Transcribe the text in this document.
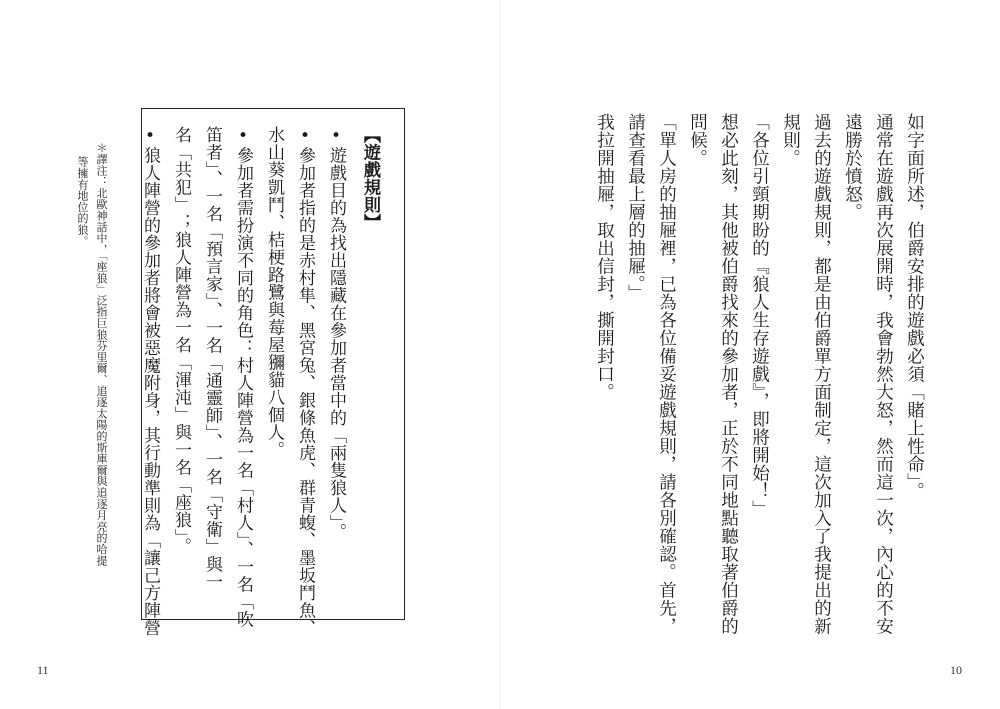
如字面所述，伯爵安排的遊戲必須「賭上性命」。
通常在遊戲再次展開時，我會勃然大怒，然而這一次，內心的不安
遠勝於憤怒。
過去的遊戲規則，都是由伯爵單方面制定，這次加入了我提出的新
規則。
「各位引頸期盼的『狼人生存遊戲』，即將開始！」
想必此刻，其他被伯爵找來的參加者，正於不同地點聽取著伯爵的
問候。
「單人房的抽屜裡，已為各位備妥遊戲規則，請各別確認。首先，
請查看最上層的抽屜。」
我拉開抽屜，取出信封，撕開封口。
10
【遊戲規則】
•遊戲目的為找出隱藏在參加者當中的「兩隻狼人」。
•參加者指的是赤村隼、黑宮兔、銀條魚虎、群青蝮、墨坂鬥魚、
水山葵凱鬥、桔梗路鷺與莓屋獼貓八個人。
•參加者需扮演不同的角色：村人陣營為一名「村人」、一名「吹
笛者」、一名「預言家」、一名「通靈師」、一名「守衛」與一
名「共犯」；狼人陣營為一名「渾沌」與一名「座狼」。
•狼人陣營的參加者將會被惡魔附身，其行動準則為「讓己方陣營
＊譯注：北歐神話中，「座狼」泛指巨狼芬里爾、追逐太陽的斯庫爾與追逐月亮的哈提
等擁有地位的狼。
11
